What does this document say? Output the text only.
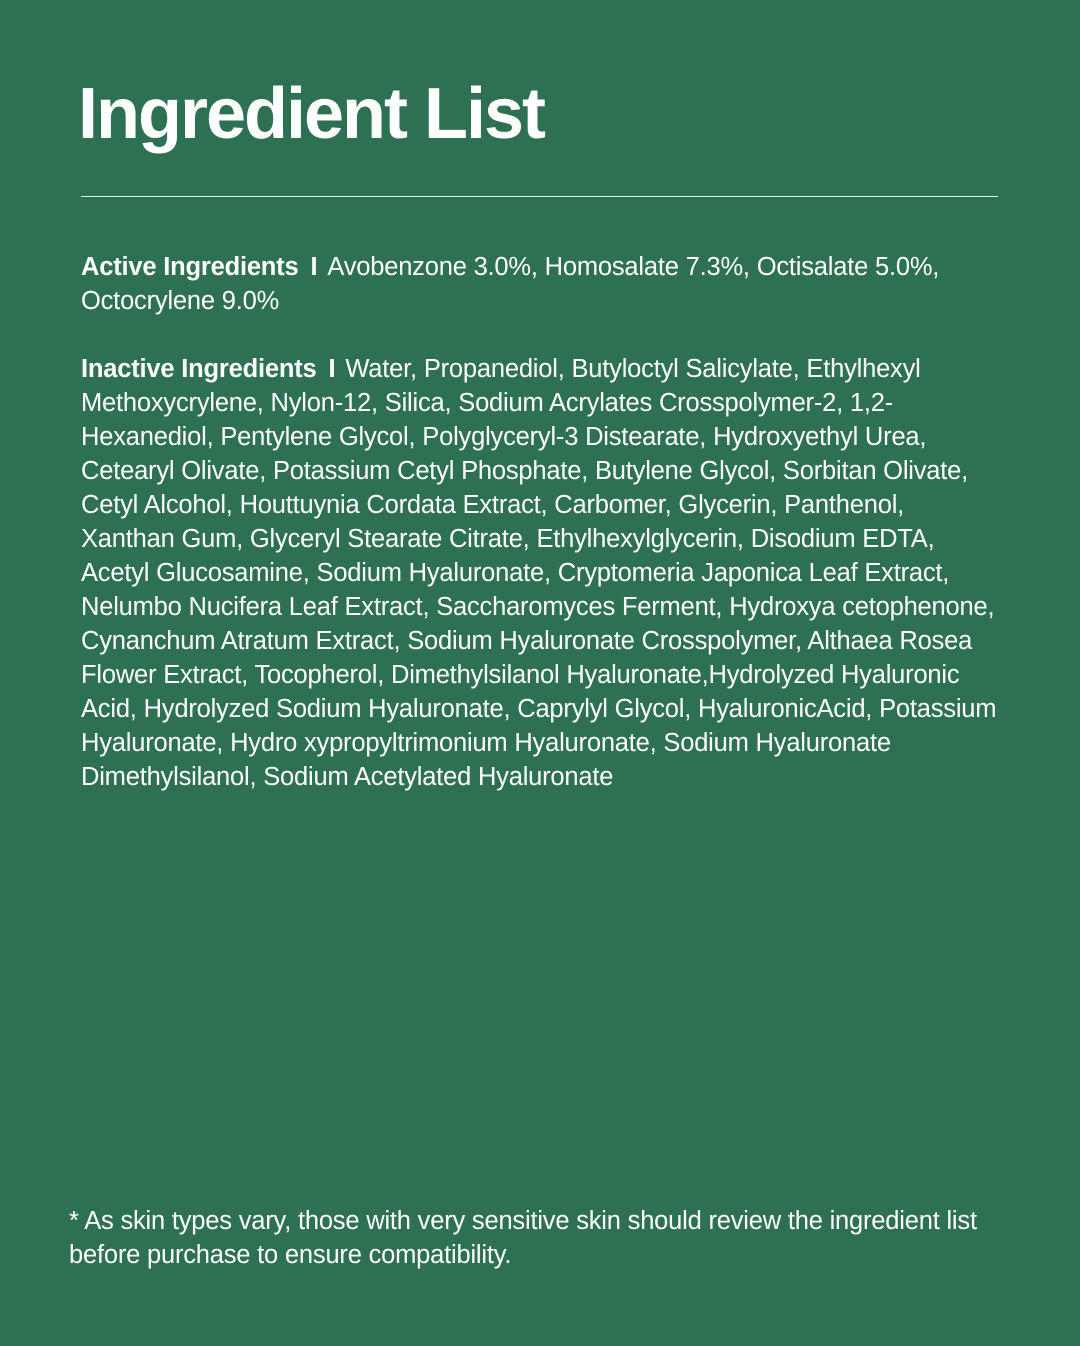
Ingredient List

Active Ingredients I Avobenzone 3.0%, Homosalate 7.3%, Octisalate 5.0%, Octocrylene 9.0%

Inactive Ingredients I Water, Propanediol, Butyloctyl Salicylate, Ethylhexyl Methoxycrylene, Nylon-12, Silica, Sodium Acrylates Crosspolymer-2, 1,2-Hexanediol, Pentylene Glycol, Polyglyceryl-3 Distearate, Hydroxyethyl Urea, Cetearyl Olivate, Potassium Cetyl Phosphate, Butylene Glycol, Sorbitan Olivate, Cetyl Alcohol, Houttuynia Cordata Extract, Carbomer, Glycerin, Panthenol, Xanthan Gum, Glyceryl Stearate Citrate, Ethylhexylglycerin, Disodium EDTA, Acetyl Glucosamine, Sodium Hyaluronate, Cryptomeria Japonica Leaf Extract, Nelumbo Nucifera Leaf Extract, Saccharomyces Ferment, Hydroxya cetophenone, Cynanchum Atratum Extract, Sodium Hyaluronate Crosspolymer, Althaea Rosea Flower Extract, Tocopherol, Dimethylsilanol Hyaluronate,Hydrolyzed Hyaluronic Acid, Hydrolyzed Sodium Hyaluronate, Caprylyl Glycol, HyaluronicAcid, Potassium Hyaluronate, Hydro xypropyltrimonium Hyaluronate, Sodium Hyaluronate Dimethylsilanol, Sodium Acetylated Hyaluronate

* As skin types vary, those with very sensitive skin should review the ingredient list before purchase to ensure compatibility.
